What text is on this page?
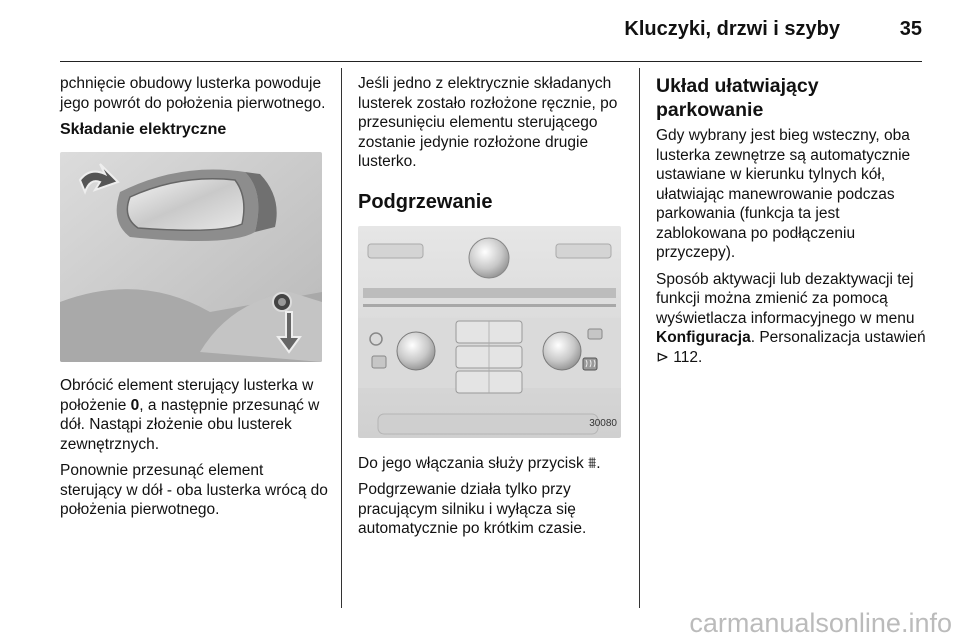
Kluczyki, drzwi i szyby	35

pchnięcie obudowy lusterka powoduje jego powrót do położenia pierwotnego.

Składanie elektryczne

Obrócić element sterujący lusterka w położenie 0, a następnie przesunąć w dół. Nastąpi złożenie obu lusterek zewnętrznych.

Ponownie przesunąć element sterujący w dół - oba lusterka wrócą do położenia pierwotnego.

Jeśli jedno z elektrycznie składanych lusterek zostało rozłożone ręcznie, po przesunięciu elementu sterującego zostanie jedynie rozłożone drugie lusterko.

Podgrzewanie
30080

Do jego włączania służy przycisk ⩩.

Podgrzewanie działa tylko przy pracującym silniku i wyłącza się automatycznie po krótkim czasie.

Układ ułatwiający parkowanie

Gdy wybrany jest bieg wsteczny, oba lusterka zewnętrze są automatycznie ustawiane w kierunku tylnych kół, ułatwiając manewrowanie podczas parkowania (funkcja ta jest zablokowana po podłączeniu przyczepy).

Sposób aktywacji lub dezaktywacji tej funkcji można zmienić za pomocą wyświetlacza informacyjnego w menu Konfiguracja. Personalizacja ustawień ⊳ 112.

carmanualsonline.info
